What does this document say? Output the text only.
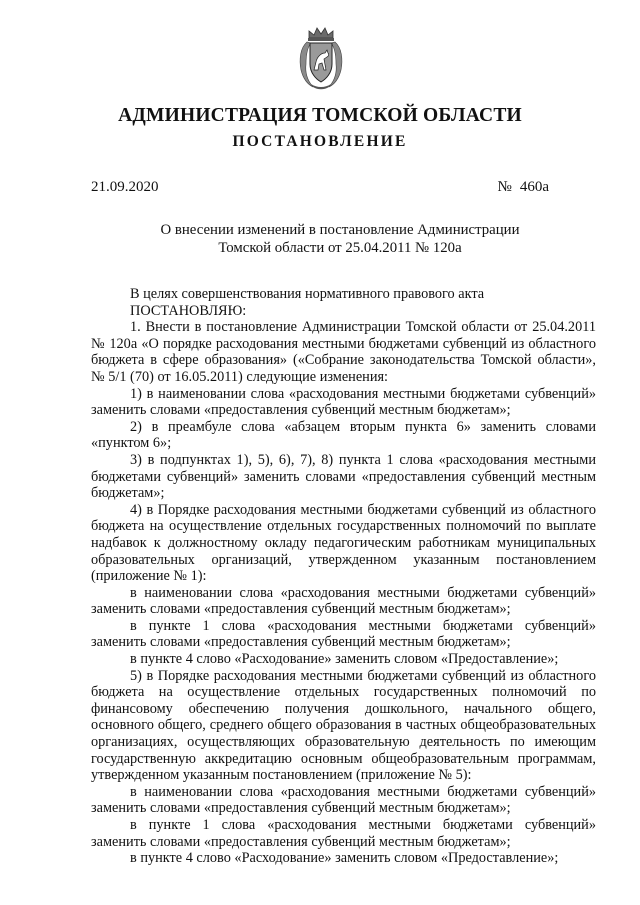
АДМИНИСТРАЦИЯ ТОМСКОЙ ОБЛАСТИ
ПОСТАНОВЛЕНИЕ
21.09.2020	№ 460а
О внесении изменений в постановление Администрации
Томской области от 25.04.2011 № 120а

В целях совершенствования нормативного правового акта

ПОСТАНОВЛЯЮ:

1. Внести в постановление Администрации Томской области от 25.04.2011 № 120а «О порядке расходования местными бюджетами субвенций из областного бюджета в сфере образования» («Собрание законодательства Томской области», № 5/1 (70) от 16.05.2011) следующие изменения:

1) в наименовании слова «расходования местными бюджетами субвенций» заменить словами «предоставления субвенций местным бюджетам»;

2) в преамбуле слова «абзацем вторым пункта 6» заменить словами «пунктом 6»;

3) в подпунктах 1), 5), 6), 7), 8) пункта 1 слова «расходования местными бюджетами субвенций» заменить словами «предоставления субвенций местным бюджетам»;

4) в Порядке расходования местными бюджетами субвенций из областного бюджета на осуществление отдельных государственных полномочий по выплате надбавок к должностному окладу педагогическим работникам муниципальных образовательных организаций, утвержденном указанным постановлением (приложение № 1):

в наименовании слова «расходования местными бюджетами субвенций» заменить словами «предоставления субвенций местным бюджетам»;

в пункте 1 слова «расходования местными бюджетами субвенций» заменить словами «предоставления субвенций местным бюджетам»;

в пункте 4 слово «Расходование» заменить словом «Предоставление»;

5) в Порядке расходования местными бюджетами субвенций из областного бюджета на осуществление отдельных государственных полномочий по финансовому обеспечению получения дошкольного, начального общего, основного общего, среднего общего образования в частных общеобразовательных организациях, осуществляющих образовательную деятельность по имеющим государственную аккредитацию основным общеобразовательным программам, утвержденном указанным постановлением (приложение № 5):

в наименовании слова «расходования местными бюджетами субвенций» заменить словами «предоставления субвенций местным бюджетам»;

в пункте 1 слова «расходования местными бюджетами субвенций» заменить словами «предоставления субвенций местным бюджетам»;

в пункте 4 слово «Расходование» заменить словом «Предоставление»;
